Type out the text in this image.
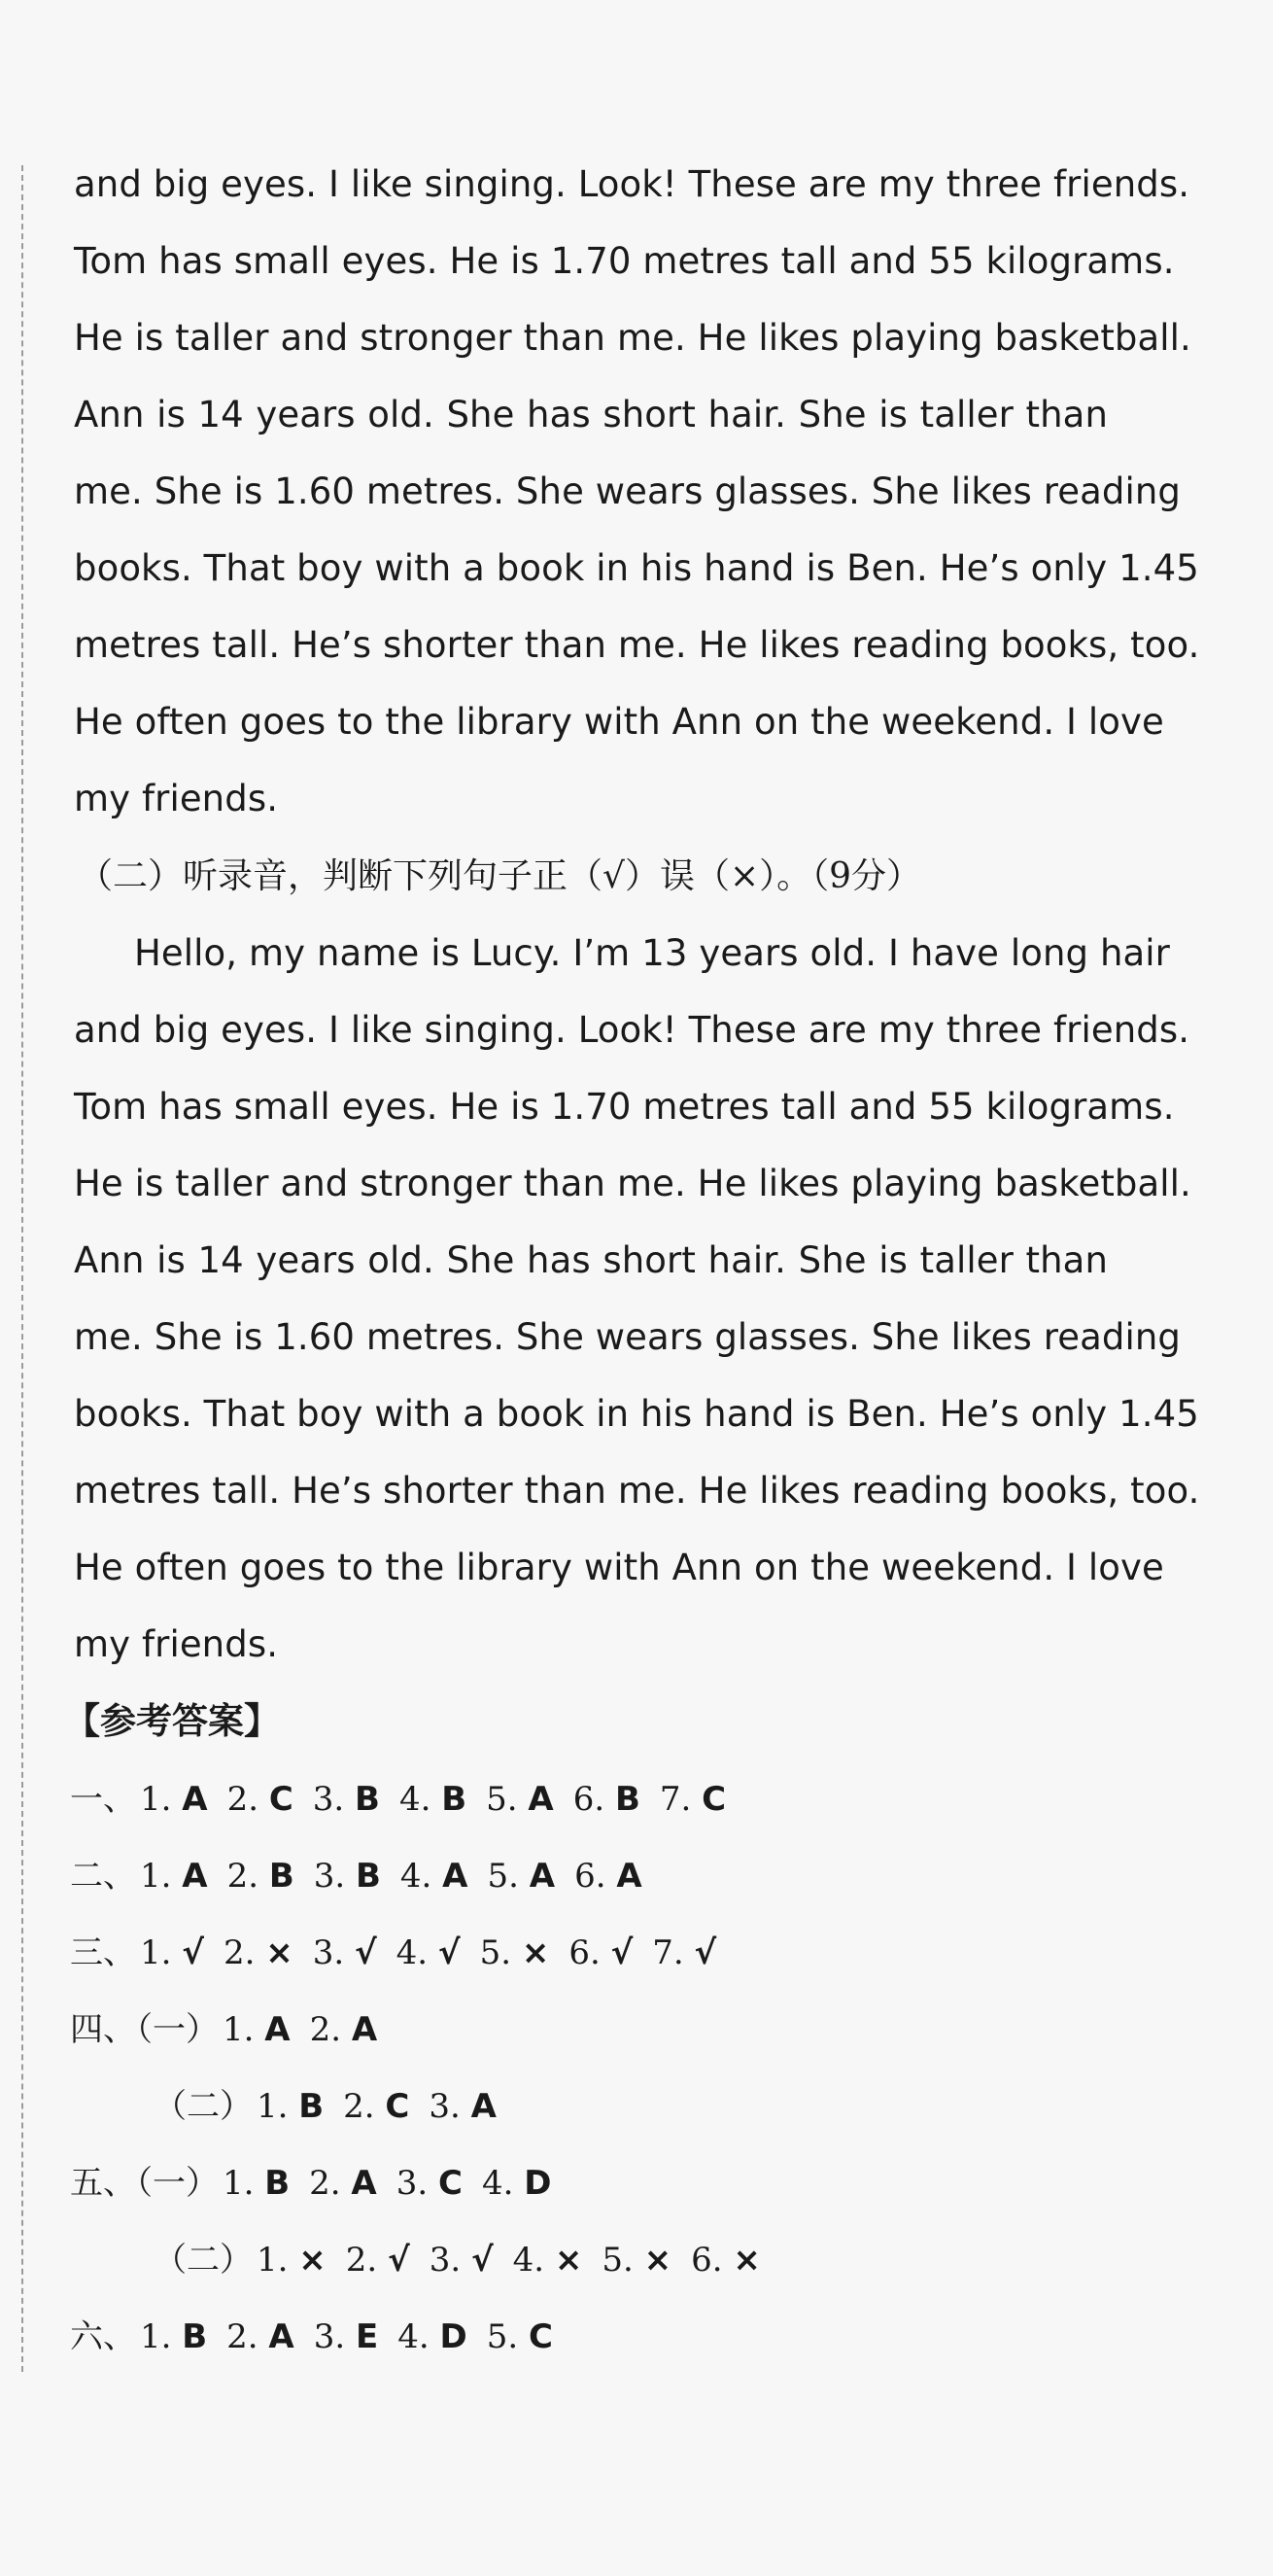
and big eyes. I like singing. Look! These are my three friends.
Tom has small eyes. He is 1.70 metres tall and 55 kilograms.
He is taller and stronger than me. He likes playing basketball.
Ann is 14 years old. She has short hair. She is taller than
me. She is 1.60 metres. She wears glasses. She likes reading
books. That boy with a book in his hand is Ben. He’s only 1.45
metres tall. He’s shorter than me. He likes reading books, too.
He often goes to the library with Ann on the weekend. I love
my friends.
（二）听录音，判断下列句子正（√）误（×）。（9分）
Hello, my name is Lucy. I’m 13 years old. I have long hair
and big eyes. I like singing. Look! These are my three friends.
Tom has small eyes. He is 1.70 metres tall and 55 kilograms.
He is taller and stronger than me. He likes playing basketball.
Ann is 14 years old. She has short hair. She is taller than
me. She is 1.60 metres. She wears glasses. She likes reading
books. That boy with a book in his hand is Ben. He’s only 1.45
metres tall. He’s shorter than me. He likes reading books, too.
He often goes to the library with Ann on the weekend. I love
my friends.
【参考答案】
一、 1. A 2. C 3. B 4. B 5. A 6. B 7. C
二、 1. A 2. B 3. B 4. A 5. A 6. A
三、 1. √ 2. × 3. √ 4. √ 5. × 6. √ 7. √
四、（一） 1. A 2. A
（二） 1. B 2. C 3. A
五、（一） 1. B 2. A 3. C 4. D
（二） 1. × 2. √ 3. √ 4. × 5. × 6. ×
六、 1. B 2. A 3. E 4. D 5. C
